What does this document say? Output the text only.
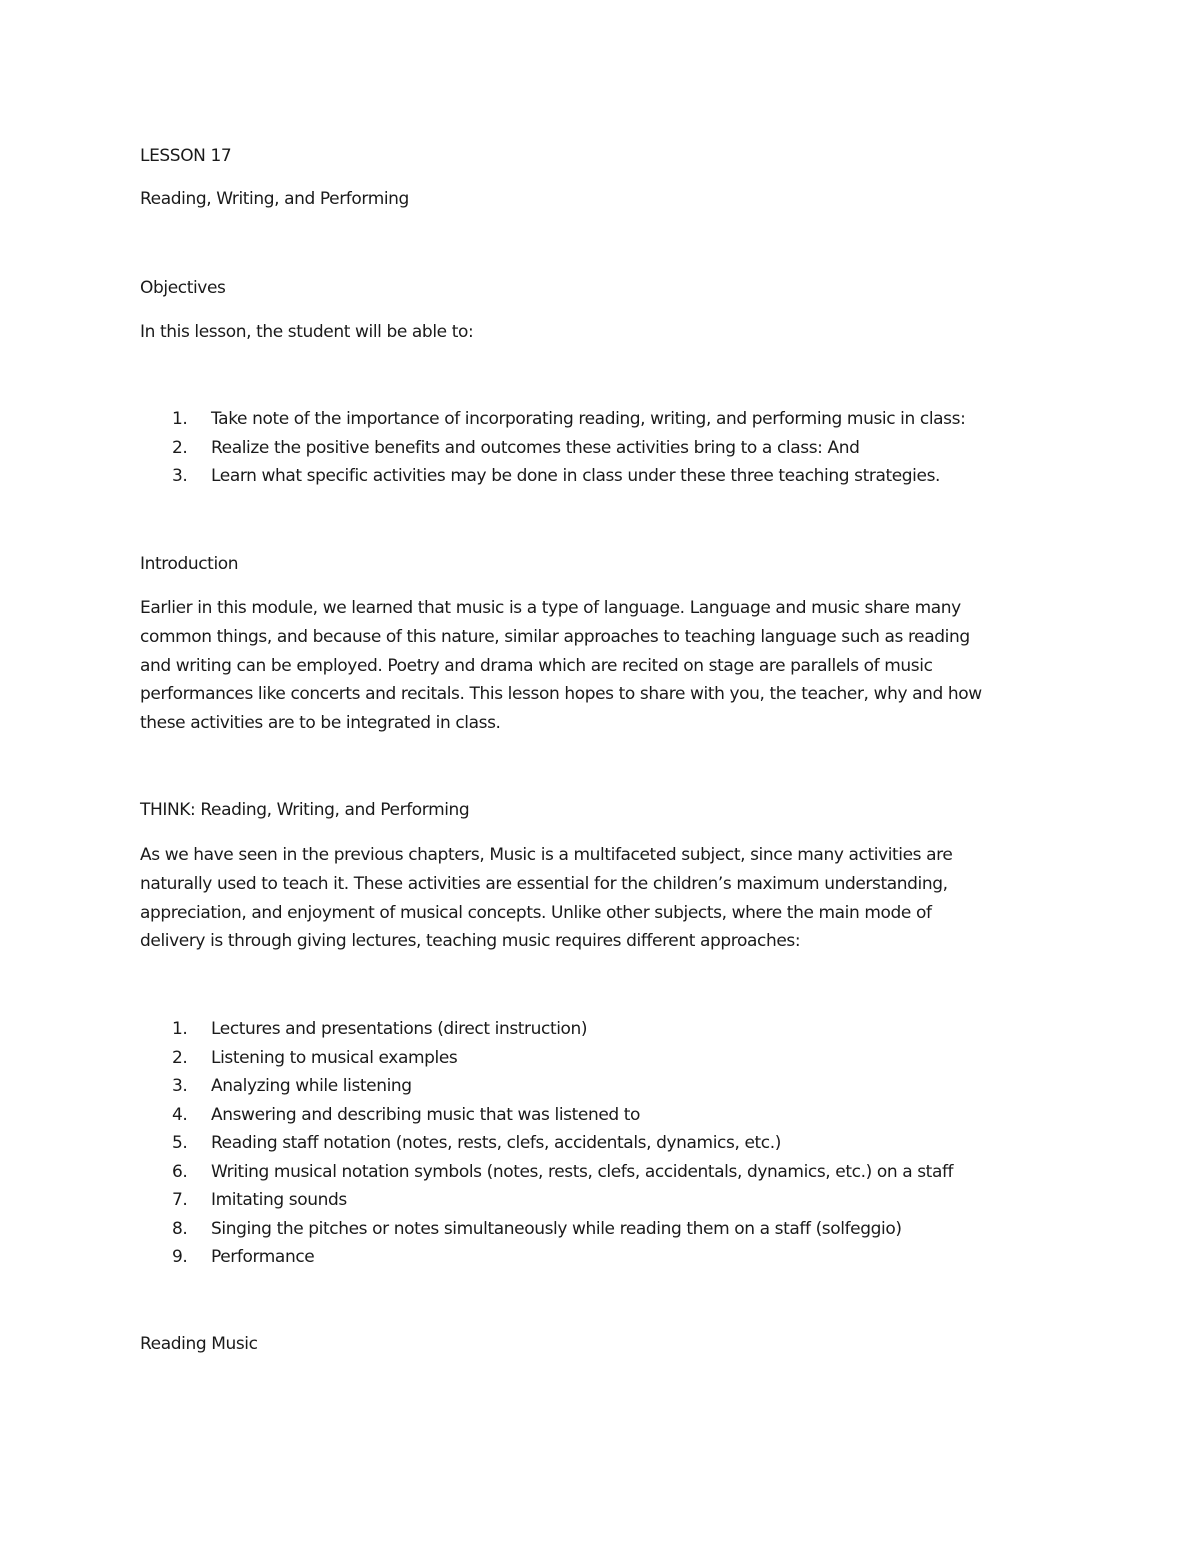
LESSON 17
Reading, Writing, and Performing
Objectives
In this lesson, the student will be able to:
1. Take note of the importance of incorporating reading, writing, and performing music in class:
2. Realize the positive benefits and outcomes these activities bring to a class: And
3. Learn what specific activities may be done in class under these three teaching strategies.
Introduction
Earlier in this module, we learned that music is a type of language. Language and music share many
common things, and because of this nature, similar approaches to teaching language such as reading
and writing can be employed. Poetry and drama which are recited on stage are parallels of music
performances like concerts and recitals. This lesson hopes to share with you, the teacher, why and how
these activities are to be integrated in class.
THINK: Reading, Writing, and Performing
As we have seen in the previous chapters, Music is a multifaceted subject, since many activities are
naturally used to teach it. These activities are essential for the children’s maximum understanding,
appreciation, and enjoyment of musical concepts. Unlike other subjects, where the main mode of
delivery is through giving lectures, teaching music requires different approaches:
1. Lectures and presentations (direct instruction)
2. Listening to musical examples
3. Analyzing while listening
4. Answering and describing music that was listened to
5. Reading staff notation (notes, rests, clefs, accidentals, dynamics, etc.)
6. Writing musical notation symbols (notes, rests, clefs, accidentals, dynamics, etc.) on a staff
7. Imitating sounds
8. Singing the pitches or notes simultaneously while reading them on a staff (solfeggio)
9. Performance
Reading Music
